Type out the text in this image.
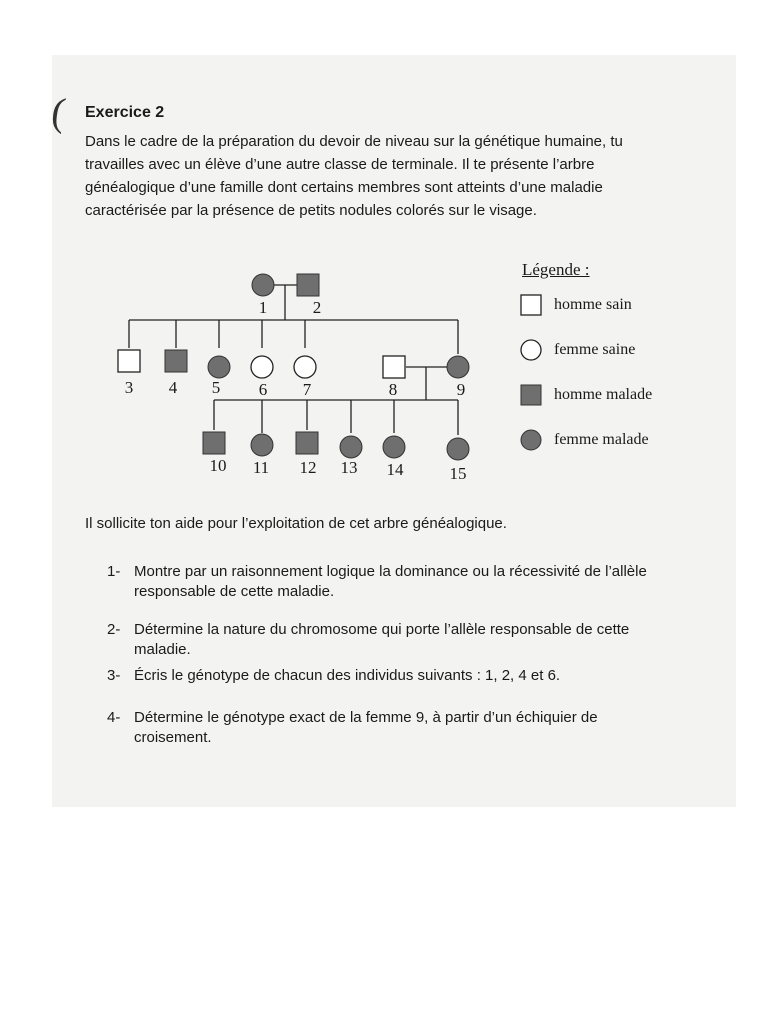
( Exercice 2

Dans le cadre de la préparation du devoir de niveau sur la génétique humaine, tu
travailles avec un élève d’une autre classe de terminale. Il te présente l’arbre
généalogique d’une famille dont certains membres sont atteints d’une maladie
caractérisée par la présence de petits nodules colorés sur le visage.

1	2
3 4 5 6 7	8	9
10 11 12 13 14	15

Légende :

homme sain
femme saine
homme malade
femme malade

Il sollicite ton aide pour l’exploitation de cet arbre généalogique.

1- Montre par un raisonnement logique la dominance ou la récessivité de l’allèle
responsable de cette maladie.
2- Détermine la nature du chromosome qui porte l’allèle responsable de cette
maladie.
3- Écris le génotype de chacun des individus suivants : 1, 2, 4 et 6.
4- Détermine le génotype exact de la femme 9, à partir d’un échiquier de
croisement.
